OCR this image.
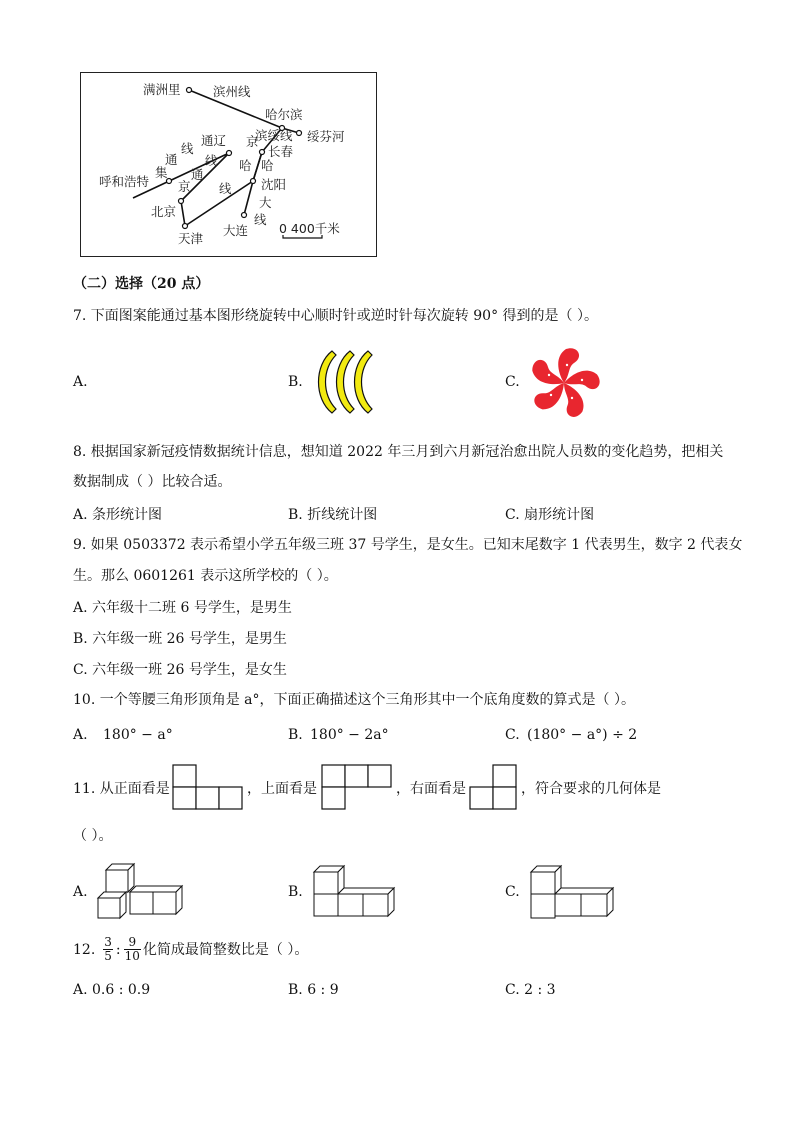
满洲里	滨州线
哈尔滨
滨绥线 绥芬河
通辽 京
哈
长春
哈
通
线
集
线
通
京
呼和浩特	沈阳
线
大
北京
线
天津
大连 0 400千米
（二）选择（20 点）
7. 下面图案能通过基本图形绕旋转中心顺时针或逆时针每次旋转 90° 得到的是（ ）。
A.	B.	C.
8. 根据国家新冠疫情数据统计信息，想知道 2022 年三月到六月新冠治愈出院人员数的变化趋势，把相关
数据制成（ ）比较合适。
A. 条形统计图	B. 折线统计图	C. 扇形统计图
9. 如果 0503372 表示希望小学五年级三班 37 号学生，是女生。已知末尾数字 1 代表男生，数字 2 代表女
生。那么 0601261 表示这所学校的（ ）。
A. 六年级十二班 6 号学生，是男生
B. 六年级一班 26 号学生，是男生
C. 六年级一班 26 号学生，是女生
10. 一个等腰三角形顶角是 a°，下面正确描述这个三角形其中一个底角度数的算式是（ ）。
A. 180° − a°	B. 180° − 2a°	C. (180° − a°) ÷ 2
11. 从正面看是	，上面看是	，右面看是	，符合要求的几何体是
（ ）。
A.	B.	C.
12. $\frac{3}{5}$ : $\frac{9}{10}$ 化简成最简整数比是（ ）。
A. 0.6 : 0.9	B. 6 : 9	C. 2 : 3
